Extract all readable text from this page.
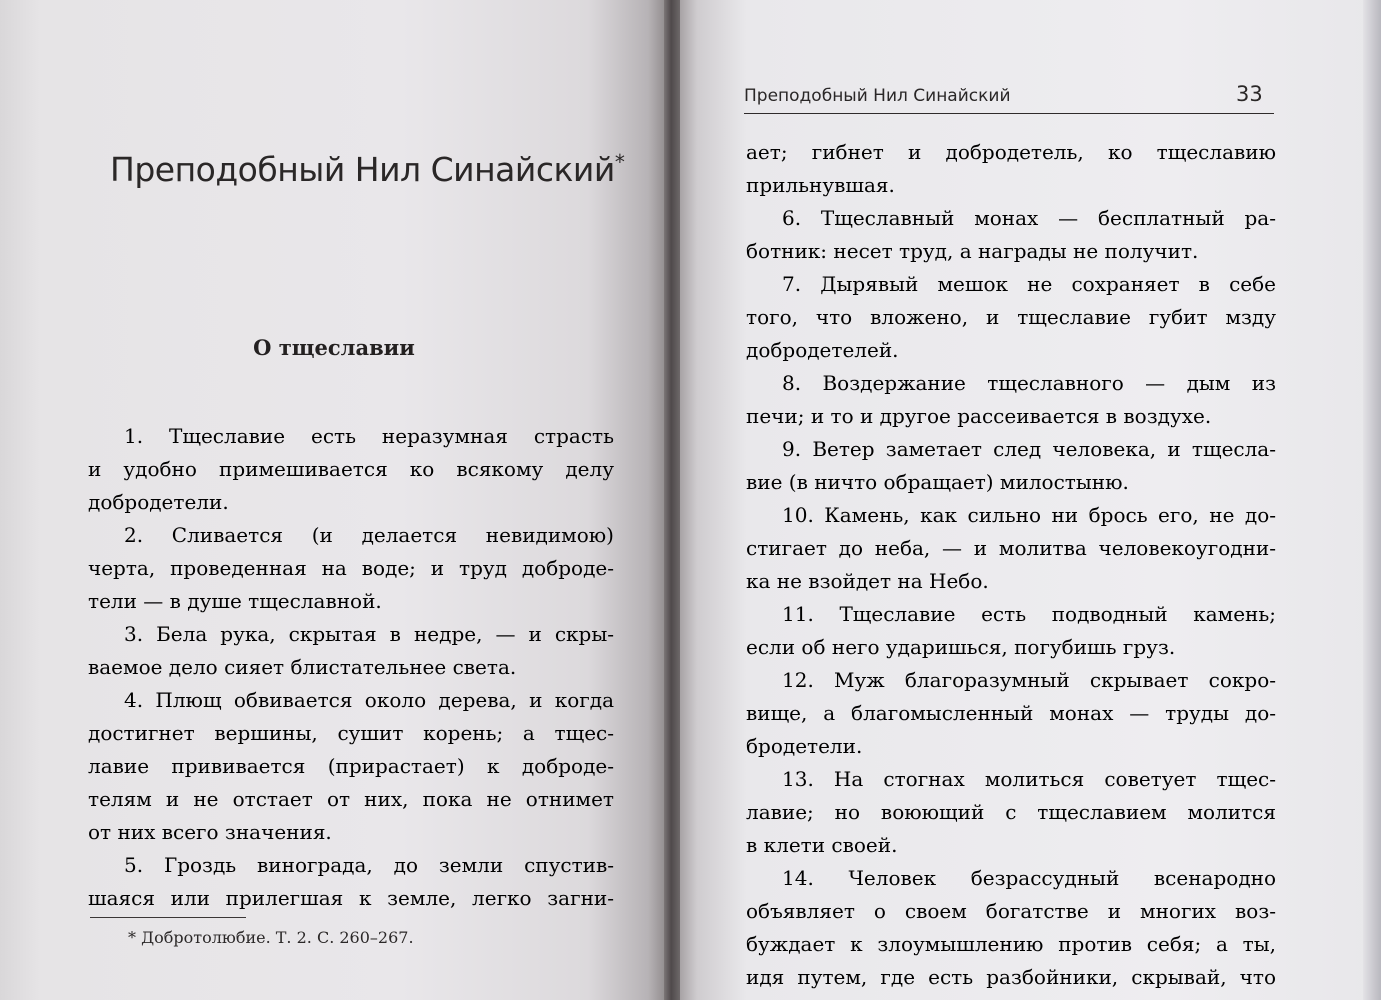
Преподобный Нил Синайский*
О тщеславии
1. Тщеславие есть неразумная страсть
и удобно примешивается ко всякому делу
добродетели.
2. Сливается (и делается невидимою)
черта, проведенная на воде; и труд доброде-
тели — в душе тщеславной.
3. Бела рука, скрытая в недре, — и скры-
ваемое дело сияет блистательнее света.
4. Плющ обвивается около дерева, и когда
достигнет вершины, сушит корень; а тщес-
лавие прививается (прирастает) к доброде-
телям и не отстает от них, пока не отнимет
от них всего значения.
5. Гроздь винограда, до земли спустив-
шаяся или прилегшая к земле, легко загни-
* Добротолюбие. Т. 2. С. 260–267.
Преподобный Нил Синайский	33
ает; гибнет и добродетель, ко тщеславию
прильнувшая.
6. Тщеславный монах — бесплатный ра-
ботник: несет труд, а награды не получит.
7. Дырявый мешок не сохраняет в себе
того, что вложено, и тщеславие губит мзду
добродетелей.
8. Воздержание тщеславного — дым из
печи; и то и другое рассеивается в воздухе.
9. Ветер заметает след человека, и тщесла-
вие (в ничто обращает) милостыню.
10. Камень, как сильно ни брось его, не до-
стигает до неба, — и молитва человекоугодни-
ка не взойдет на Небо.
11. Тщеславие есть подводный камень;
если об него ударишься, погубишь груз.
12. Муж благоразумный скрывает сокро-
вище, а благомысленный монах — труды до-
бродетели.
13. На стогнах молиться советует тщес-
лавие; но воюющий с тщеславием молится
в клети своей.
14. Человек безрассудный всенародно
объявляет о своем богатстве и многих воз-
буждает к злоумышлению против себя; а ты,
идя путем, где есть разбойники, скрывай, что
